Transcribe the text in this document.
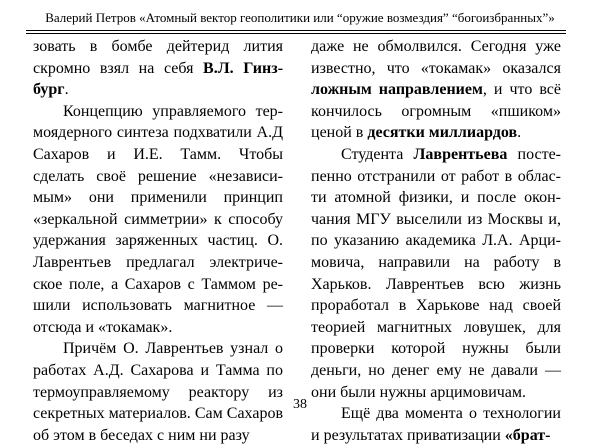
Валерий Петров «Атомный вектор геополитики или “оружие возмездия” “богоизбранных”»

зовать в бомбе дейтерид лития скромно взял на себя В.Л. Гинзбург.

Концепцию управляемого термоядерного синтеза подхватили А.Д Сахаров и И.Е. Тамм. Чтобы сделать своё решение «независимым» они применили принцип «зеркальной симметрии» к способу удержания заряженных частиц. О. Лаврентьев предлагал электрическое поле, а Сахаров с Таммом решили использовать магнитное — отсюда и «токамак».

Причём О. Лаврентьев узнал о работах А.Д. Сахарова и Тамма по термоуправляемому реактору из секретных материалов. Сам Сахаров об этом в беседах с ним ни разу

даже не обмолвился. Сегодня уже известно, что «токамак» оказался ложным направлением, и что всё кончилось огромным «пшиком» ценой в десятки миллиардов.

Студента Лаврентьева постепенно отстранили от работ в области атомной физики, и после окончания МГУ выселили из Москвы и, по указанию академика Л.А. Арцимовича, направили на работу в Харьков. Лаврентьев всю жизнь проработал в Харькове над своей теорией магнитных ловушек, для проверки которой нужны были деньги, но денег ему не давали — они были нужны арцимовичам.

Ещё два момента о технологии и результатах приватизации «брат-

38
